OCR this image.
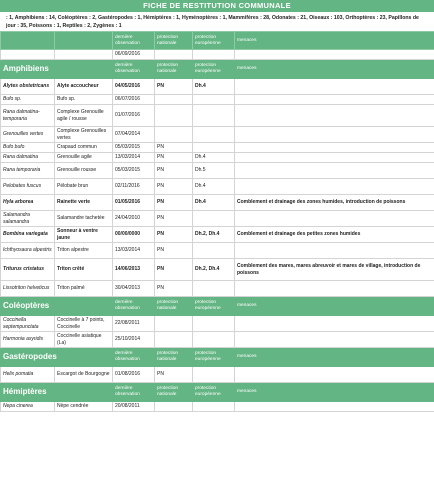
FICHE DE RESTITUTION COMMUNALE
: 1, Amphibiens : 14, Coléoptères : 2, Gastéropodes : 1, Hémiptères : 1, Hyménoptères : 1, Mammifères : 28, Odonates : 21, Oiseaux : 103, Orthoptères : 23, Papillons de jour : 35, Poissons : 1, Reptiles : 2, Zygènes : 1
		dernière observation	protection nationale	protection européenne	menaces
		06/09/2016			
Amphibiens		dernière observation	protection nationale	protection européenne	menaces
Alytes obstetricans	Alyte accoucheur	04/05/2016	PN	Dh.4	
Bufo sp.	Bufo sp.	06/07/2016			
Rana dalmatina-temporaria	Complexe Grenouille agile / rousse	01/07/2016			
Grenouilles vertes	Complexe Grenouilles vertes	07/04/2014			
Bufo bufo	Crapaud commun	05/03/2015	PN		
Rana dalmatina	Grenouille agile	13/03/2014	PN	Dh.4	
Rana temporaria	Grenouille rousse	05/03/2015	PN	Dh.5	
Pelobates fuscus	Pélobate brun	02/11/2016	PN	Dh.4	
Hyla arborea	Rainette verte	01/05/2016	PN	Dh.4	Comblement et drainage des zones humides, introduction de poissons
Salamandra salamandra	Salamandre tachetée	24/04/2010	PN		
Bombina variegata	Sonneur à ventre jaune	00/00/0000	PN	Dh.2, Dh.4	Comblement et drainage des petites zones humides
Ichthyosaura alpestris	Triton alpestre	13/03/2014	PN		
Triturus cristatus	Triton crêté	14/06/2013	PN	Dh.2, Dh.4	Comblement des mares, mares abreuvoir et mares de village, introduction de poissons
Lissotriton helveticus	Triton palmé	30/04/2013	PN		
Coléoptères		dernière observation	protection nationale	protection européenne	menaces
Coccinella septempunctata	Coccinelle à 7 points, Coccinelle	22/08/2011			
Harmonia axyridis	Coccinelle asiatique (La)	25/10/2014			
Gastéropodes		dernière observation	protection nationale	protection européenne	menaces
Helix pomatia	Escargot de Bourgogne	01/08/2016	PN		
Hémiptères		dernière observation	protection nationale	protection européenne	menaces
Nepa cinerea	Nèpe cendrée	20/08/2011			
